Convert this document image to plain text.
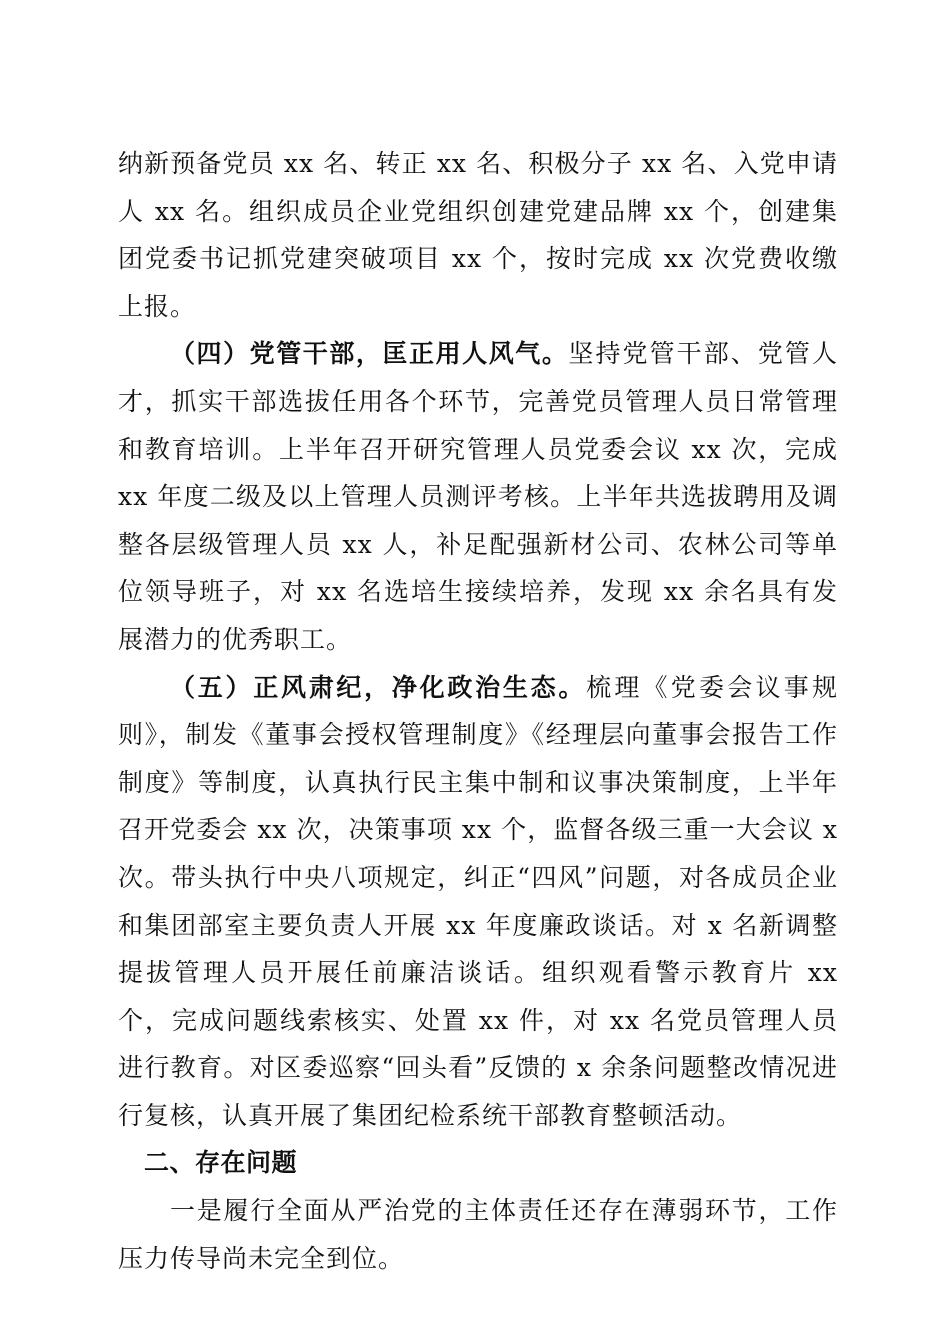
纳新预备党员 xx 名、转正 xx 名、积极分子 xx 名、入党申请人 xx 名。组织成员企业党组织创建党建品牌 xx 个，创建集团党委书记抓党建突破项目 xx 个，按时完成 xx 次党费收缴上报。

（四）党管干部，匡正用人风气。坚持党管干部、党管人才，抓实干部选拔任用各个环节，完善党员管理人员日常管理和教育培训。上半年召开研究管理人员党委会议 xx 次，完成 xx 年度二级及以上管理人员测评考核。上半年共选拔聘用及调整各层级管理人员 xx 人，补足配强新材公司、农林公司等单位领导班子，对 xx 名选培生接续培养，发现 xx 余名具有发展潜力的优秀职工。

（五）正风肃纪，净化政治生态。梳理《党委会议事规则》，制发《董事会授权管理制度》《经理层向董事会报告工作制度》等制度，认真执行民主集中制和议事决策制度，上半年召开党委会 xx 次，决策事项 xx 个，监督各级三重一大会议 x 次。带头执行中央八项规定，纠正“四风”问题，对各成员企业和集团部室主要负责人开展 xx 年度廉政谈话。对 x 名新调整提拔管理人员开展任前廉洁谈话。组织观看警示教育片 xx 个，完成问题线索核实、处置 xx 件，对 xx 名党员管理人员进行教育。对区委巡察“回头看”反馈的 x 余条问题整改情况进行复核，认真开展了集团纪检系统干部教育整顿活动。

二、存在问题

一是履行全面从严治党的主体责任还存在薄弱环节，工作压力传导尚未完全到位。
